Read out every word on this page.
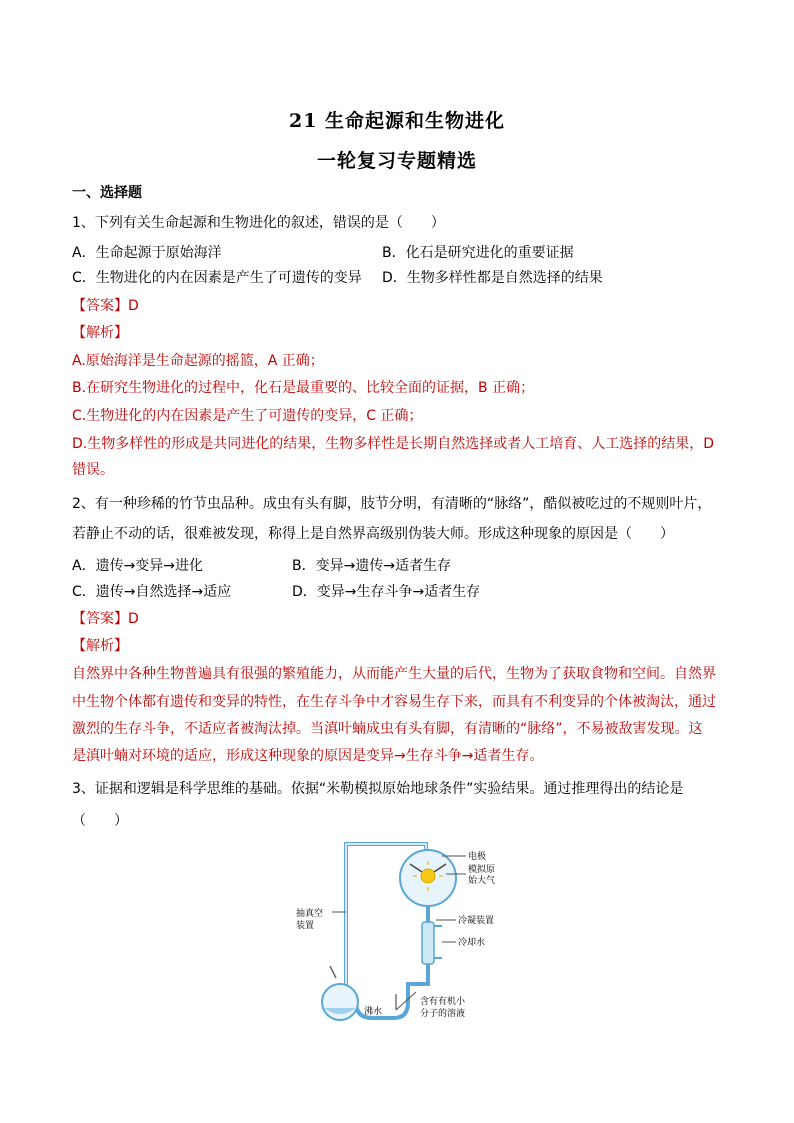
21 生命起源和生物进化
一轮复习专题精选
一、选择题
1、下列有关生命起源和生物进化的叙述，错误的是（　　）
A．生命起源于原始海洋	B．化石是研究进化的重要证据
C．生物进化的内在因素是产生了可遗传的变异 D．生物多样性都是自然选择的结果
【答案】D
【解析】
A.原始海洋是生命起源的摇篮，A 正确；
B.在研究生物进化的过程中，化石是最重要的、比较全面的证据，B 正确；
C.生物进化的内在因素是产生了可遗传的变异，C 正确；
D.生物多样性的形成是共同进化的结果，生物多样性是长期自然选择或者人工培育、人工选择的结果，D
错误。
2、有一种珍稀的竹节虫品种。成虫有头有脚，肢节分明，有清晰的“脉络”，酷似被吃过的不规则叶片，
若静止不动的话，很难被发现，称得上是自然界高级别伪装大师。形成这种现象的原因是（　　）
A．遗传→变异→进化	B．变异→遗传→适者生存
C．遗传→自然选择→适应	D．变异→生存斗争→适者生存
【答案】D
【解析】
自然界中各种生物普遍具有很强的繁殖能力，从而能产生大量的后代，生物为了获取食物和空间。自然界
中生物个体都有遗传和变异的特性，在生存斗争中才容易生存下来，而具有不利变异的个体被淘汰，通过
激烈的生存斗争，不适应者被淘汰掉。当滇叶蝻成虫有头有脚，有清晰的“脉络”，不易被敌害发现。这
是滇叶蝻对环境的适应，形成这种现象的原因是变异→生存斗争→适者生存。
3、证据和逻辑是科学思维的基础。依据“米勒模拟原始地球条件”实验结果。通过推理得出的结论是
（　　）
电极
模拟原
始大气
抽真空
装置	冷凝装置
冷却水
沸水
含有有机小
分子的溶液
